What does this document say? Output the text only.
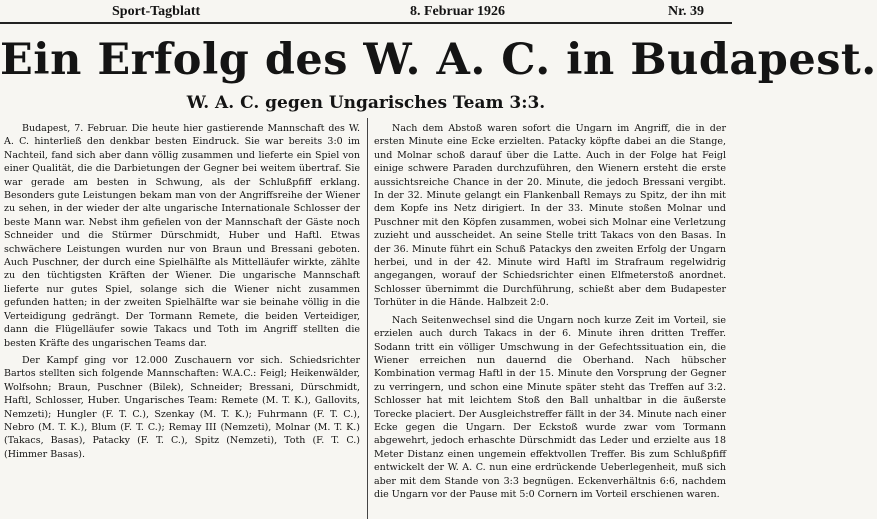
Sport-Tagblatt	8. Februar 1926	Nr. 39
Ein Erfolg des W. A. C. in Budapest.
W. A. C. gegen Ungarisches Team 3:3.

Budapest, 7. Februar. Die heute hier gastierende Mannschaft des W. A. C. hinterließ den denkbar besten Eindruck. Sie war bereits 3:0 im Nachteil, fand sich aber dann völlig zusammen und lieferte ein Spiel von einer Qualität, die die Darbietungen der Gegner bei weitem übertraf. Sie war gerade am besten in Schwung, als der Schlußpfiff erklang. Besonders gute Leistungen bekam man von der Angriffsreihe der Wiener zu sehen, in der wieder der alte ungarische Internationale Schlosser der beste Mann war. Nebst ihm gefielen von der Mannschaft der Gäste noch Schneider und die Stürmer Dürschmidt, Huber und Haftl. Etwas schwächere Leistungen wurden nur von Braun und Bressani geboten. Auch Puschner, der durch eine Spielhälfte als Mittelläufer wirkte, zählte zu den tüchtigsten Kräften der Wiener. Die ungarische Mannschaft lieferte nur gutes Spiel, solange sich die Wiener nicht zusammen gefunden hatten; in der zweiten Spielhälfte war sie beinahe völlig in die Verteidigung gedrängt. Der Tormann Remete, die beiden Verteidiger, dann die Flügelläufer sowie Takacs und Toth im Angriff stellten die besten Kräfte des ungarischen Teams dar.

Der Kampf ging vor 12.000 Zuschauern vor sich. Schiedsrichter Bartos stellten sich folgende Mannschaften: W.A.C.: Feigl; Heikenwälder, Wolfsohn; Braun, Puschner (Bilek), Schneider; Bressani, Dürschmidt, Haftl, Schlosser, Huber. Ungarisches Team: Remete (M. T. K.), Gallovits, Nemzeti); Hungler (F. T. C.), Szenkay (M. T. K.); Fuhrmann (F. T. C.), Nebro (M. T. K.), Blum (F. T. C.); Remay III (Nemzeti), Molnar (M. T. K.) (Takacs, Basas), Patacky (F. T. C.), Spitz (Nemzeti), Toth (F. T. C.) (Himmer Basas).

Nach dem Abstoß waren sofort die Ungarn im Angriff, die in der ersten Minute eine Ecke erzielten. Patacky köpfte dabei an die Stange, und Molnar schoß darauf über die Latte. Auch in der Folge hat Feigl einige schwere Paraden durchzuführen, den Wienern ersteht die erste aussichtsreiche Chance in der 20. Minute, die jedoch Bressani vergibt. In der 32. Minute gelangt ein Flankenball Remays zu Spitz, der ihn mit dem Kopfe ins Netz dirigiert. In der 33. Minute stoßen Molnar und Puschner mit den Köpfen zusammen, wobei sich Molnar eine Verletzung zuzieht und ausscheidet. An seine Stelle tritt Takacs von den Basas. In der 36. Minute führt ein Schuß Patackys den zweiten Erfolg der Ungarn herbei, und in der 42. Minute wird Haftl im Strafraum regelwidrig angegangen, worauf der Schiedsrichter einen Elfmeterstoß anordnet. Schlosser übernimmt die Durchführung, schießt aber dem Budapester Torhüter in die Hände. Halbzeit 2:0.

Nach Seitenwechsel sind die Ungarn noch kurze Zeit im Vorteil, sie erzielen auch durch Takacs in der 6. Minute ihren dritten Treffer. Sodann tritt ein völliger Umschwung in der Gefechtssituation ein, die Wiener erreichen nun dauernd die Oberhand. Nach hübscher Kombination vermag Haftl in der 15. Minute den Vorsprung der Gegner zu verringern, und schon eine Minute später steht das Treffen auf 3:2. Schlosser hat mit leichtem Stoß den Ball unhaltbar in die äußerste Torecke placiert. Der Ausgleichstreffer fällt in der 34. Minute nach einer Ecke gegen die Ungarn. Der Eckstoß wurde zwar vom Tormann abgewehrt, jedoch erhaschte Dürschmidt das Leder und erzielte aus 18 Meter Distanz einen ungemein effektvollen Treffer. Bis zum Schlußpfiff entwickelt der W. A. C. nun eine erdrückende Ueberlegenheit, muß sich aber mit dem Stande von 3:3 begnügen. Eckenverhältnis 6:6, nachdem die Ungarn vor der Pause mit 5:0 Cornern im Vorteil erschienen waren.
